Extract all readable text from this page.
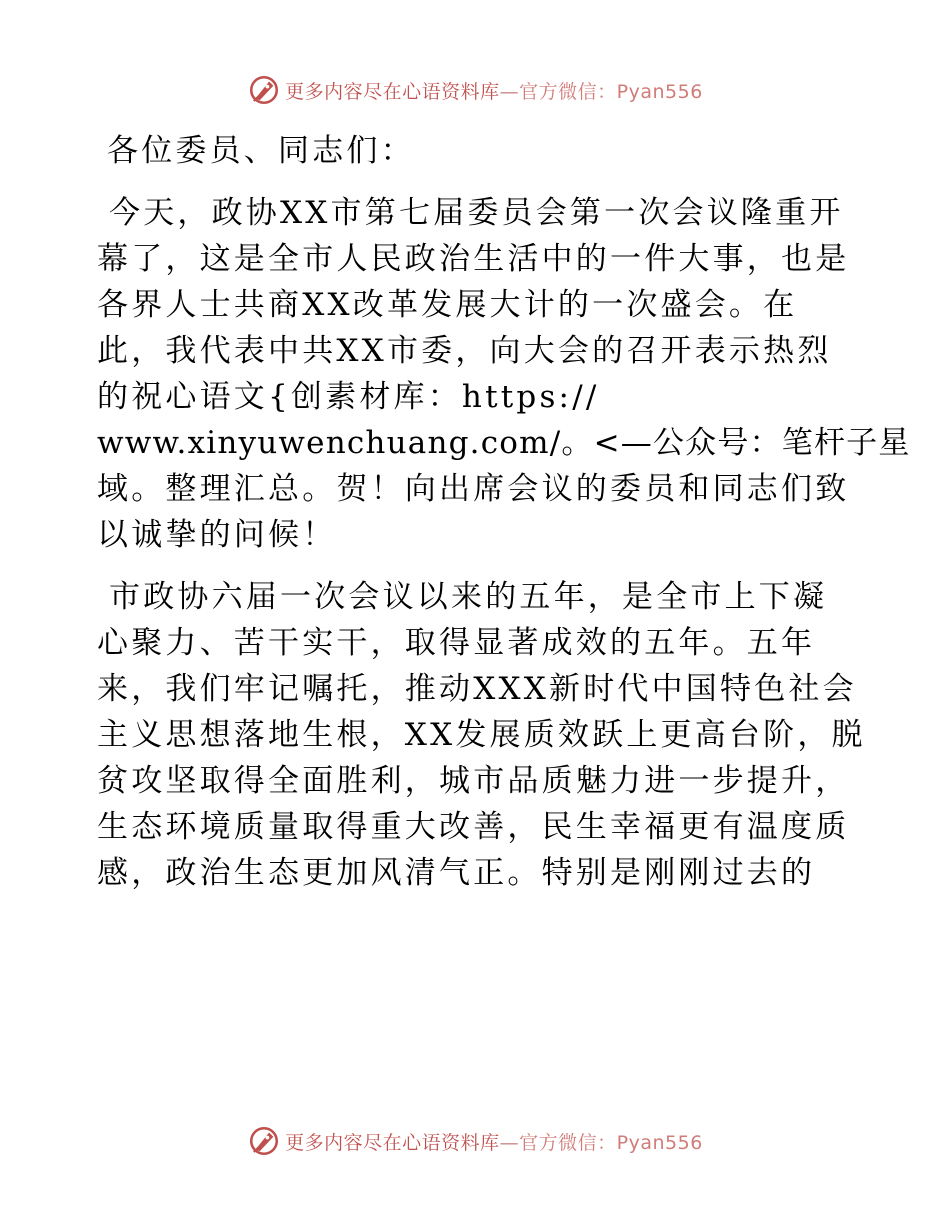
更多内容尽在心语资料库—官方微信：Pyan556
各位委员、同志们：
今天，政协XX市第七届委员会第一次会议隆重开
幕了，这是全市人民政治生活中的一件大事，也是
各界人士共商XX改革发展大计的一次盛会。在
此，我代表中共XX市委，向大会的召开表示热烈
的祝心语文{创素材库：https://
www.xinyuwenchuang.com/。<—公众号：笔杆子星
域。整理汇总。贺！向出席会议的委员和同志们致
以诚挚的问候！
市政协六届一次会议以来的五年，是全市上下凝
心聚力、苦干实干，取得显著成效的五年。五年
来，我们牢记嘱托，推动XXX新时代中国特色社会
主义思想落地生根，XX发展质效跃上更高台阶，脱
贫攻坚取得全面胜利，城市品质魅力进一步提升，
生态环境质量取得重大改善，民生幸福更有温度质
感，政治生态更加风清气正。特别是刚刚过去的
更多内容尽在心语资料库—官方微信：Pyan556
